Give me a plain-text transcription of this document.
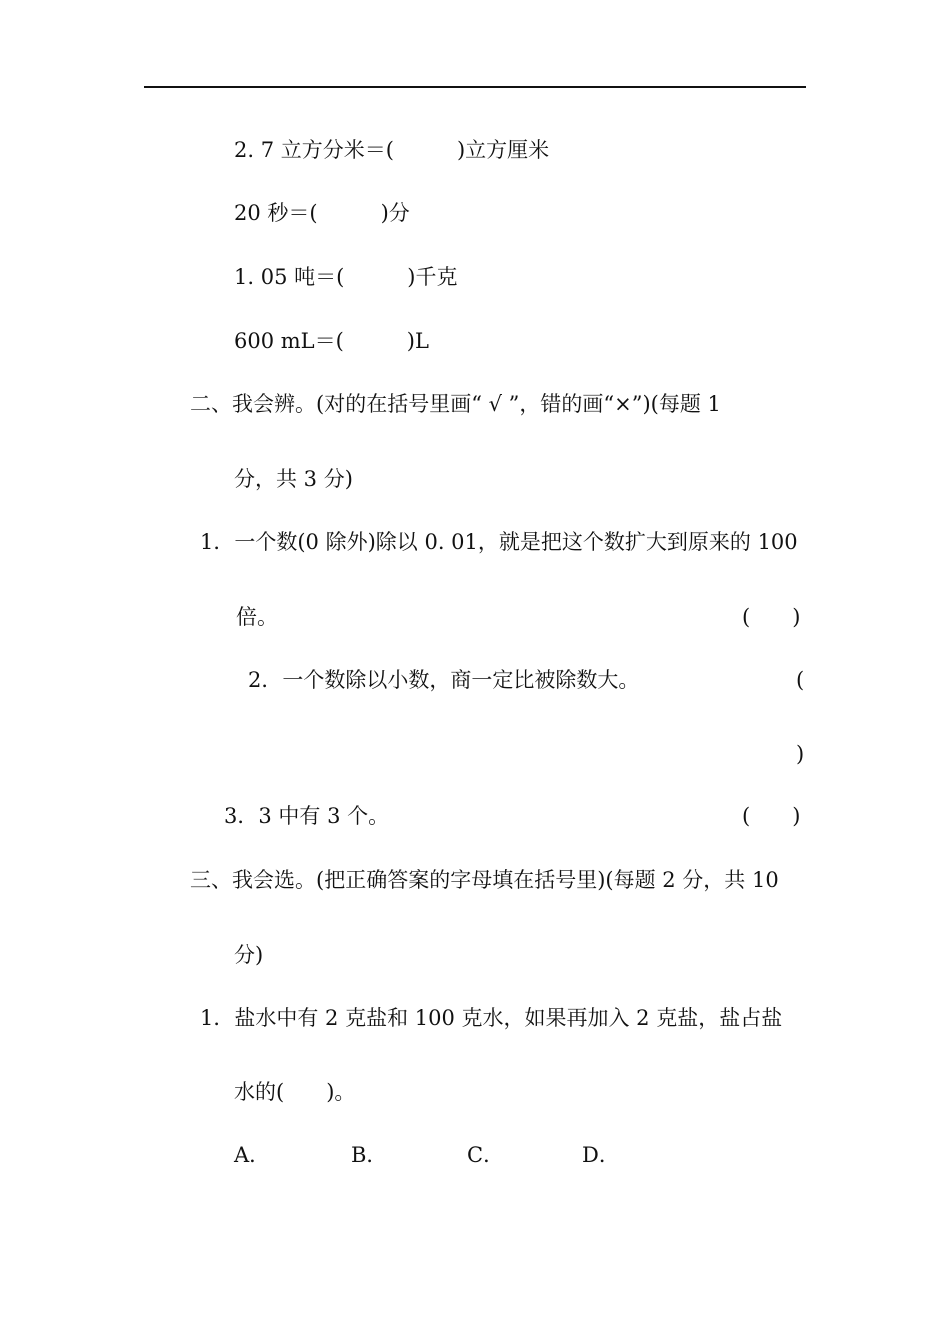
2. 7 立方分米＝(　　　)立方厘米
20 秒＝(　　　)分
1. 05 吨＝(　　　)千克
600 mL＝(　　　)L
二、我会辨。(对的在括号里画“ √ ”，错的画“×”)(每题 1
分，共 3 分)
1．一个数(0 除外)除以 0. 01，就是把这个数扩大到原来的 100
倍。	(　　)
2．一个数除以小数，商一定比被除数大。	(
)
3．3 中有 3 个。	(　　)
三、我会选。(把正确答案的字母填在括号里)(每题 2 分，共 10
分)
1．盐水中有 2 克盐和 100 克水，如果再加入 2 克盐，盐占盐
水的(　　)。
A．	B．	C．	D．
